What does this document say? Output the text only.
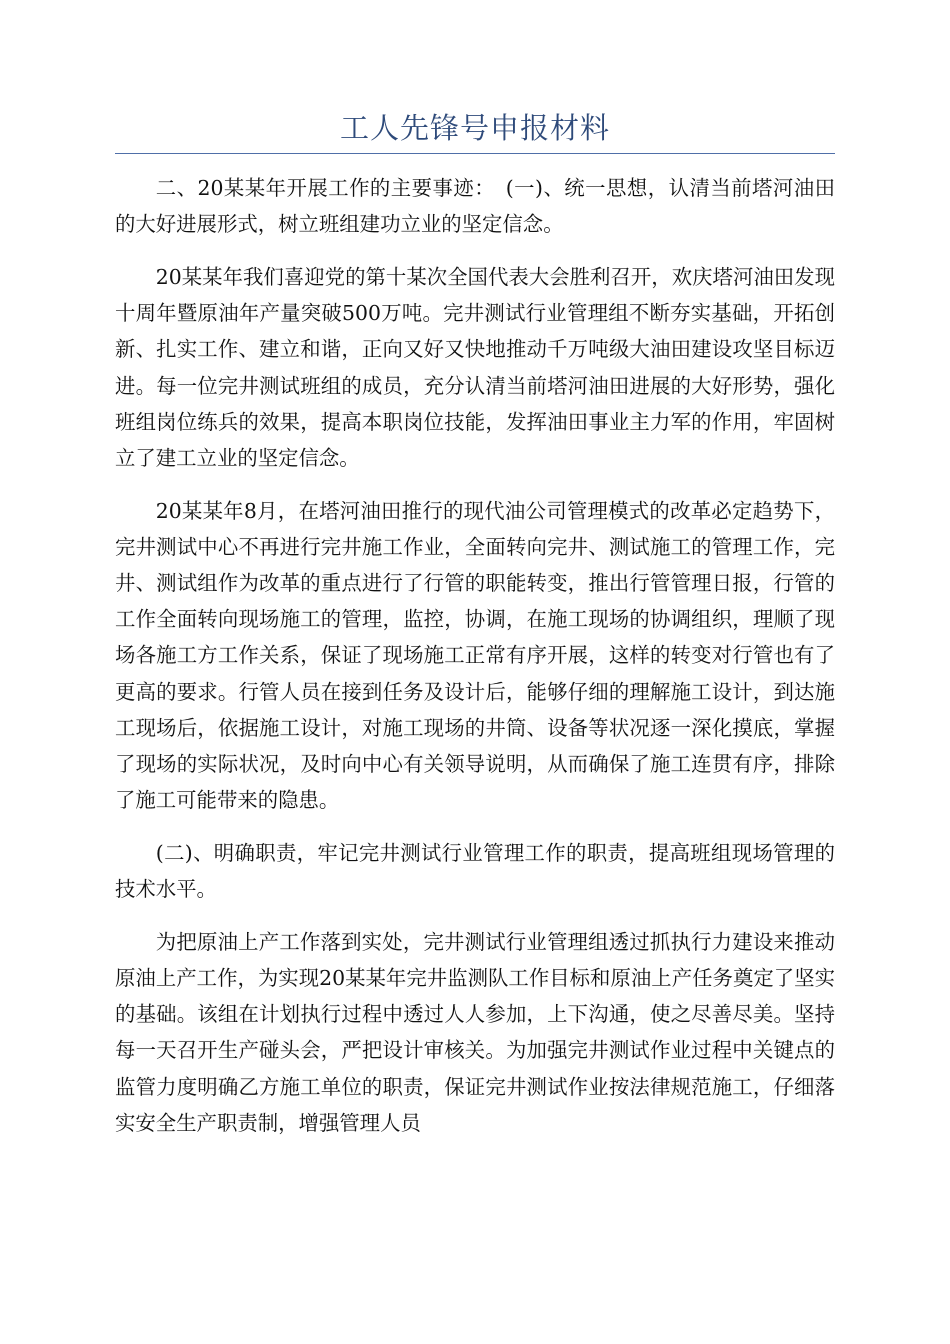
工人先锋号申报材料

二、20某某年开展工作的主要事迹：　(一)、统一思想，认清当前塔河油田的大好进展形式，树立班组建功立业的坚定信念。

20某某年我们喜迎党的第十某次全国代表大会胜利召开，欢庆塔河油田发现十周年暨原油年产量突破500万吨。完井测试行业管理组不断夯实基础，开拓创新、扎实工作、建立和谐，正向又好又快地推动千万吨级大油田建设攻坚目标迈进。每一位完井测试班组的成员，充分认清当前塔河油田进展的大好形势，强化班组岗位练兵的效果，提高本职岗位技能，发挥油田事业主力军的作用，牢固树立了建工立业的坚定信念。

20某某年8月，在塔河油田推行的现代油公司管理模式的改革必定趋势下，完井测试中心不再进行完井施工作业，全面转向完井、测试施工的管理工作，完井、测试组作为改革的重点进行了行管的职能转变，推出行管管理日报，行管的工作全面转向现场施工的管理，监控，协调，在施工现场的协调组织，理顺了现场各施工方工作关系，保证了现场施工正常有序开展，这样的转变对行管也有了更高的要求。行管人员在接到任务及设计后，能够仔细的理解施工设计，到达施工现场后，依据施工设计，对施工现场的井筒、设备等状况逐一深化摸底，掌握了现场的实际状况，及时向中心有关领导说明，从而确保了施工连贯有序，排除了施工可能带来的隐患。

(二)、明确职责，牢记完井测试行业管理工作的职责，提高班组现场管理的技术水平。

为把原油上产工作落到实处，完井测试行业管理组透过抓执行力建设来推动原油上产工作，为实现20某某年完井监测队工作目标和原油上产任务奠定了坚实的基础。该组在计划执行过程中透过人人参加，上下沟通，使之尽善尽美。坚持每一天召开生产碰头会，严把设计审核关。为加强完井测试作业过程中关键点的监管力度明确乙方施工单位的职责，保证完井测试作业按法律规范施工，仔细落实安全生产职责制，增强管理人员
